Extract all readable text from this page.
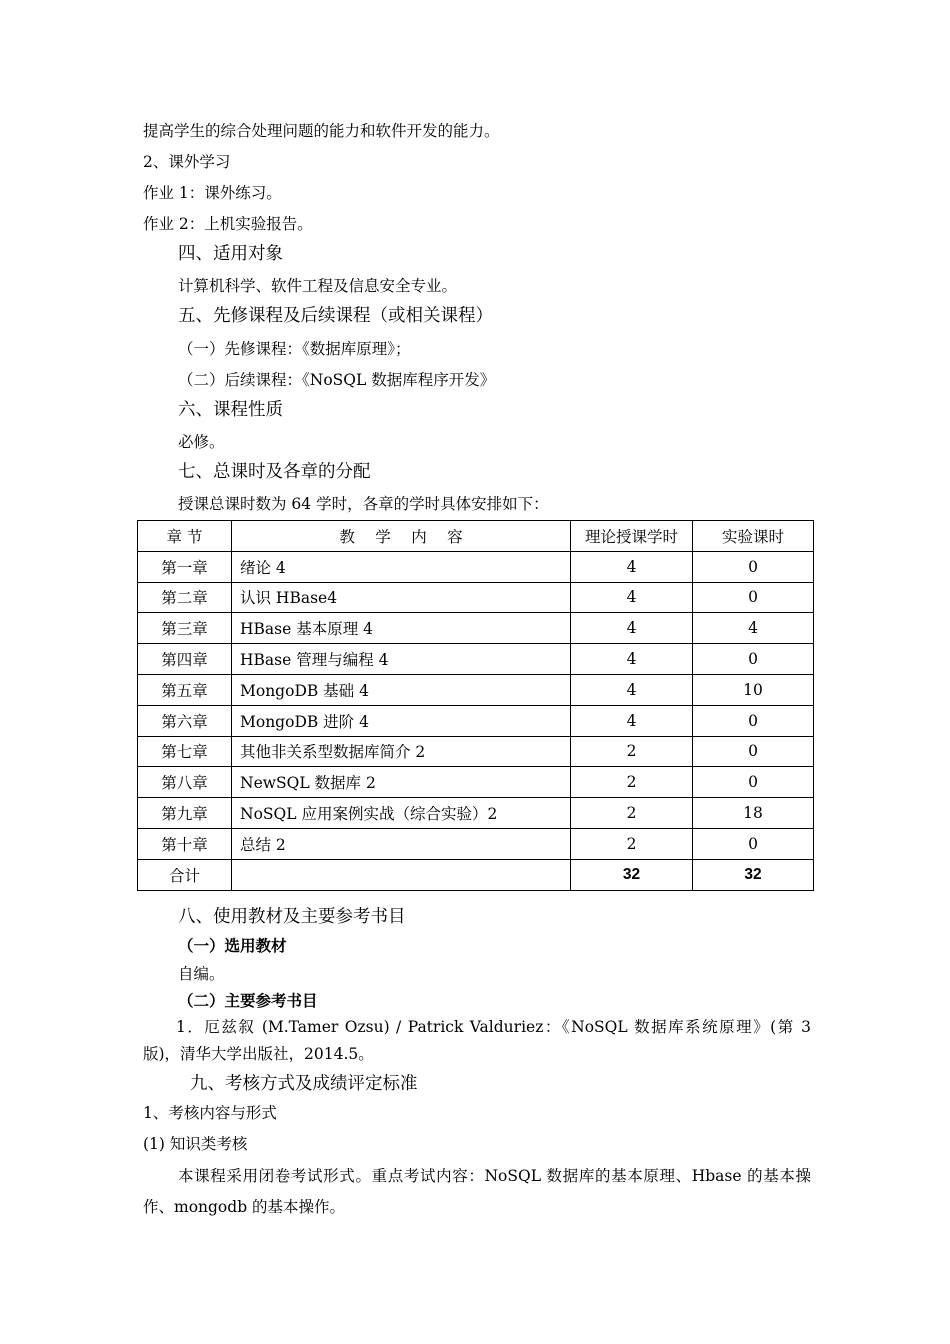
提高学生的综合处理问题的能力和软件开发的能力。
2、课外学习
作业 1：课外练习。
作业 2：上机实验报告。
四、适用对象
计算机科学、软件工程及信息安全专业。
五、先修课程及后续课程（或相关课程）
（一）先修课程：《数据库原理》；
（二）后续课程：《NoSQL 数据库程序开发》
六、课程性质
必修。
七、总课时及各章的分配
授课总课时数为 64 学时，各章的学时具体安排如下：
章 节	教　 学　 内　 容	理论授课学时	实验课时
第一章	绪论 4	4	0
第二章	认识 HBase4	4	0
第三章	HBase 基本原理 4	4	4
第四章	HBase 管理与编程 4	4	0
第五章	MongoDB 基础 4	4	10
第六章	MongoDB 进阶 4	4	0
第七章	其他非关系型数据库简介 2	2	0
第八章	NewSQL 数据库 2	2	0
第九章	NoSQL 应用案例实战（综合实验）2	2	18
第十章	总结 2	2	0
合计		32	32
八、使用教材及主要参考书目
（一）选用教材
自编。
（二）主要参考书目
1．厄兹叙 (M.Tamer Ozsu) / Patrick Valduriez：《NoSQL 数据库系统原理》(第 3 版)，清华大学出版社，2014.5。
九、考核方式及成绩评定标准
1、考核内容与形式
(1) 知识类考核
本课程采用闭卷考试形式。重点考试内容：NoSQL 数据库的基本原理、Hbase 的基本操作、mongodb 的基本操作。
